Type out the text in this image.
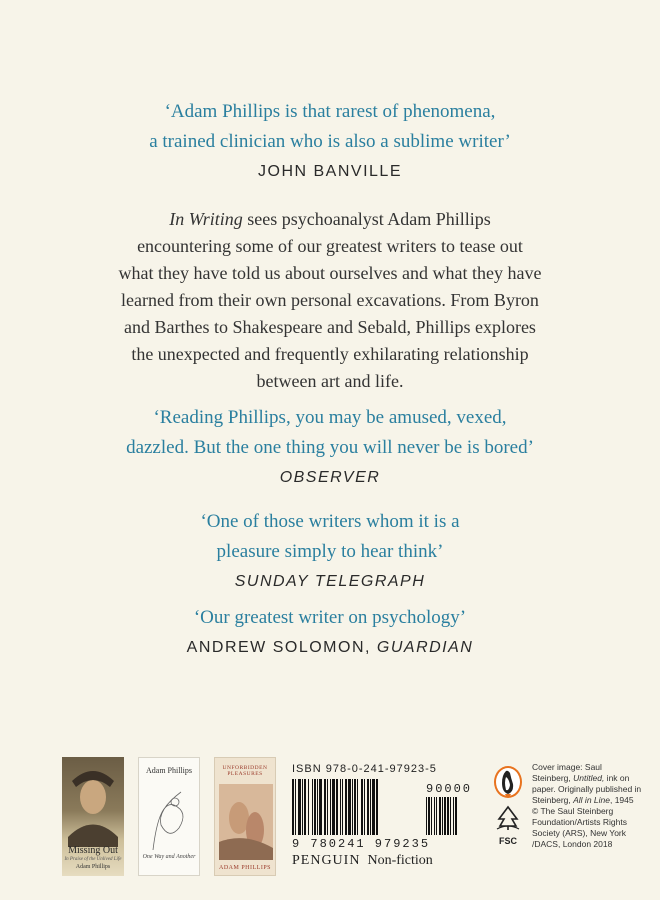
‘Adam Phillips is that rarest of phenomena,
a trained clinician who is also a sublime writer’
JOHN BANVILLE
In Writing sees psychoanalyst Adam Phillips
encountering some of our greatest writers to tease out
what they have told us about ourselves and what they have
learned from their own personal excavations. From Byron
and Barthes to Shakespeare and Sebald, Phillips explores
the unexpected and frequently exhilarating relationship
between art and life.
‘Reading Phillips, you may be amused, vexed,
dazzled. But the one thing you will never be is bored’
OBSERVER
‘One of those writers whom it is a
pleasure simply to hear think’
SUNDAY TELEGRAPH
‘Our greatest writer on psychology’
ANDREW SOLOMON, GUARDIAN
Missing Out
In Praise of the Unlived Life
Adam Phillips
Adam Phillips
One Way and Another
UNFORBIDDEN PLEASURES
ADAM PHILLIPS
ISBN 978-0-241-97923-5
9 780241 979235
90000
PENGUIN Non-fiction
FSC
Cover image: Saul Steinberg, Untitled, ink on paper. Originally published in Steinberg, All in Line, 1945 © The Saul Steinberg Foundation/Artists Rights Society (ARS), New York /DACS, London 2018
